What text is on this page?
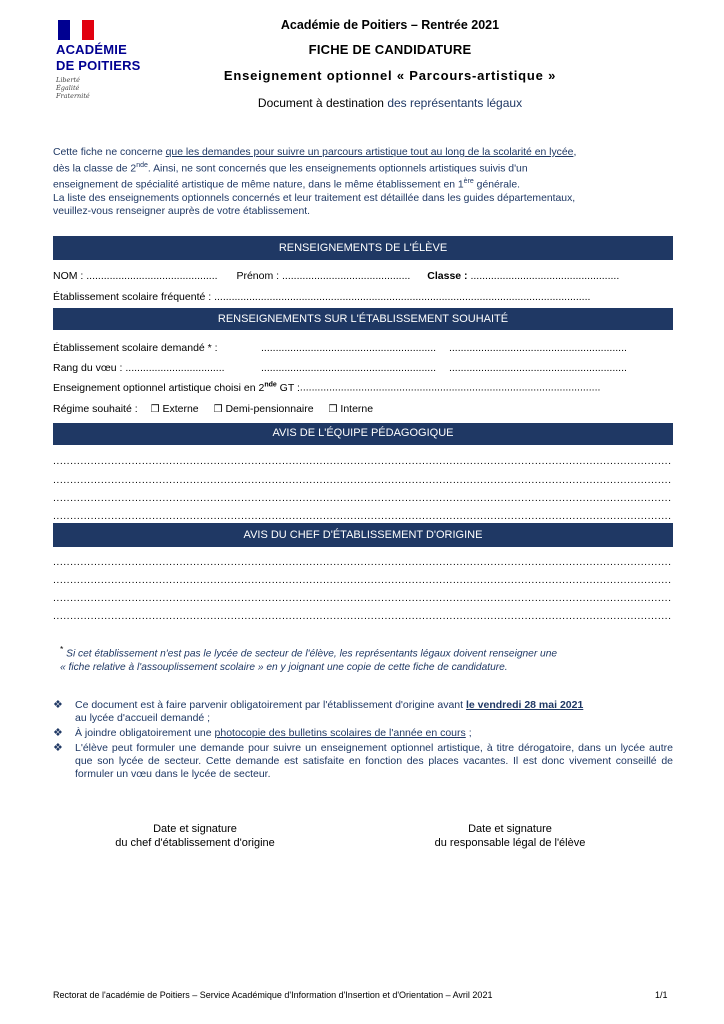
ACADÉMIE
DE POITIERS
Liberté
Égalité
Fraternité
Académie de Poitiers – Rentrée 2021
FICHE DE CANDIDATURE
Enseignement optionnel « Parcours-artistique »
Document à destination des représentants légaux
Cette fiche ne concerne que les demandes pour suivre un parcours artistique tout au long de la scolarité en lycée,
dès la classe de 2nde. Ainsi, ne sont concernés que les enseignements optionnels artistiques suivis d'un
enseignement de spécialité artistique de même nature, dans le même établissement en 1ère générale.
La liste des enseignements optionnels concernés et leur traitement est détaillée dans les guides départementaux,
veuillez-vous renseigner auprès de votre établissement.
RENSEIGNEMENTS DE L'ÉLÈVE
NOM : ............................................. Prénom : ............................................ Classe : ...................................................
Établissement scolaire fréquenté : .................................................................................................................................
RENSEIGNEMENTS SUR L'ÉTABLISSEMENT SOUHAITÉ
Établissement scolaire demandé * :	............................................................ .............................................................
Rang du vœu : ..................................	............................................................ .............................................................
Enseignement optionnel artistique choisi en 2nde GT :.......................................................................................................
Régime souhaité : ❒ Externe ❒ Demi-pensionnaire ❒ Interne
AVIS DE L'ÉQUIPE PÉDAGOGIQUE
.....................................................................................................................................................................................
.....................................................................................................................................................................................
.....................................................................................................................................................................................
.....................................................................................................................................................................................
AVIS DU CHEF D'ÉTABLISSEMENT D'ORIGINE
.....................................................................................................................................................................................
.....................................................................................................................................................................................
.....................................................................................................................................................................................
.....................................................................................................................................................................................
* Si cet établissement n'est pas le lycée de secteur de l'élève, les représentants légaux doivent renseigner une
« fiche relative à l'assouplissement scolaire » en y joignant une copie de cette fiche de candidature.
❖ Ce document est à faire parvenir obligatoirement par l'établissement d'origine avant le vendredi 28 mai 2021
au lycée d'accueil demandé ;
❖ À joindre obligatoirement une photocopie des bulletins scolaires de l'année en cours ;
❖ L'élève peut formuler une demande pour suivre un enseignement optionnel artistique, à titre dérogatoire, dans un lycée autre que son lycée de secteur. Cette demande est satisfaite en fonction des places vacantes. Il est donc vivement conseillé de formuler un vœu dans le lycée de secteur.
Date et signature
du chef d'établissement d'origine
Date et signature
du responsable légal de l'élève
Rectorat de l'académie de Poitiers – Service Académique d'Information d'Insertion et d'Orientation – Avril 2021	1/1
